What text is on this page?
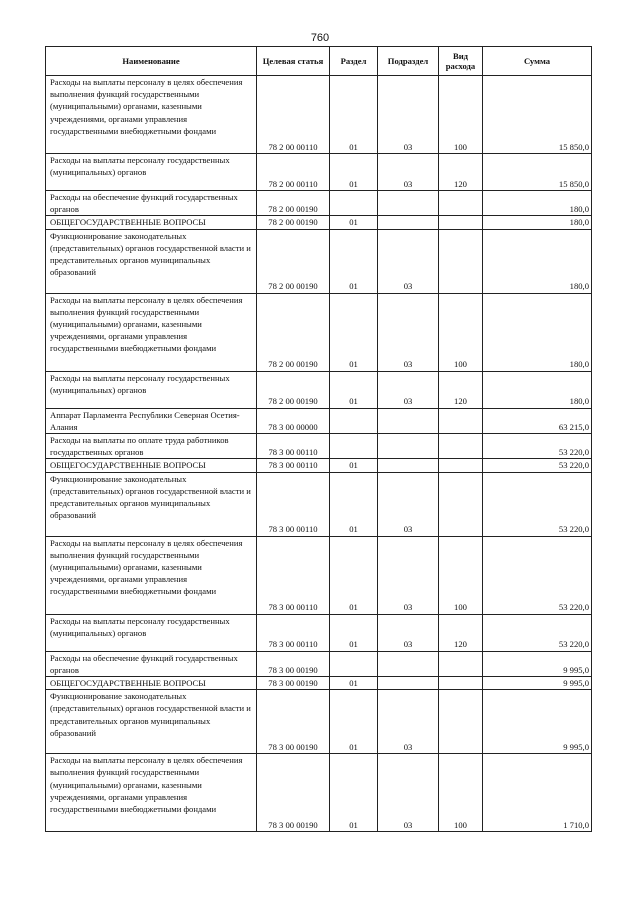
760
Наименование	Целевая статья	Раздел	Подраздел	Вид расхода	Сумма
Расходы на выплаты персоналу в целях обеспечения выполнения функций государственными (муниципальными) органами, казенными учреждениями, органами управления государственными внебюджетными фондами	78 2 00 00110	01	03	100	15 850,0
Расходы на выплаты персоналу государственных (муниципальных) органов	78 2 00 00110	01	03	120	15 850,0
Расходы на обеспечение функций государственных органов	78 2 00 00190				180,0
ОБЩЕГОСУДАРСТВЕННЫЕ ВОПРОСЫ	78 2 00 00190	01			180,0
Функционирование законодательных (представительных) органов государственной власти и представительных органов муниципальных образований	78 2 00 00190	01	03		180,0
Расходы на выплаты персоналу в целях обеспечения выполнения функций государственными (муниципальными) органами, казенными учреждениями, органами управления государственными внебюджетными фондами	78 2 00 00190	01	03	100	180,0
Расходы на выплаты персоналу государственных (муниципальных) органов	78 2 00 00190	01	03	120	180,0
Аппарат Парламента Республики Северная Осетия-Алания	78 3 00 00000				63 215,0
Расходы на выплаты по оплате труда работников государственных органов	78 3 00 00110				53 220,0
ОБЩЕГОСУДАРСТВЕННЫЕ ВОПРОСЫ	78 3 00 00110	01			53 220,0
Функционирование законодательных (представительных) органов государственной власти и представительных органов муниципальных образований	78 3 00 00110	01	03		53 220,0
Расходы на выплаты персоналу в целях обеспечения выполнения функций государственными (муниципальными) органами, казенными учреждениями, органами управления государственными внебюджетными фондами	78 3 00 00110	01	03	100	53 220,0
Расходы на выплаты персоналу государственных (муниципальных) органов	78 3 00 00110	01	03	120	53 220,0
Расходы на обеспечение функций государственных органов	78 3 00 00190				9 995,0
ОБЩЕГОСУДАРСТВЕННЫЕ ВОПРОСЫ	78 3 00 00190	01			9 995,0
Функционирование законодательных (представительных) органов государственной власти и представительных органов муниципальных образований	78 3 00 00190	01	03		9 995,0
Расходы на выплаты персоналу в целях обеспечения выполнения функций государственными (муниципальными) органами, казенными учреждениями, органами управления государственными внебюджетными фондами	78 3 00 00190	01	03	100	1 710,0
